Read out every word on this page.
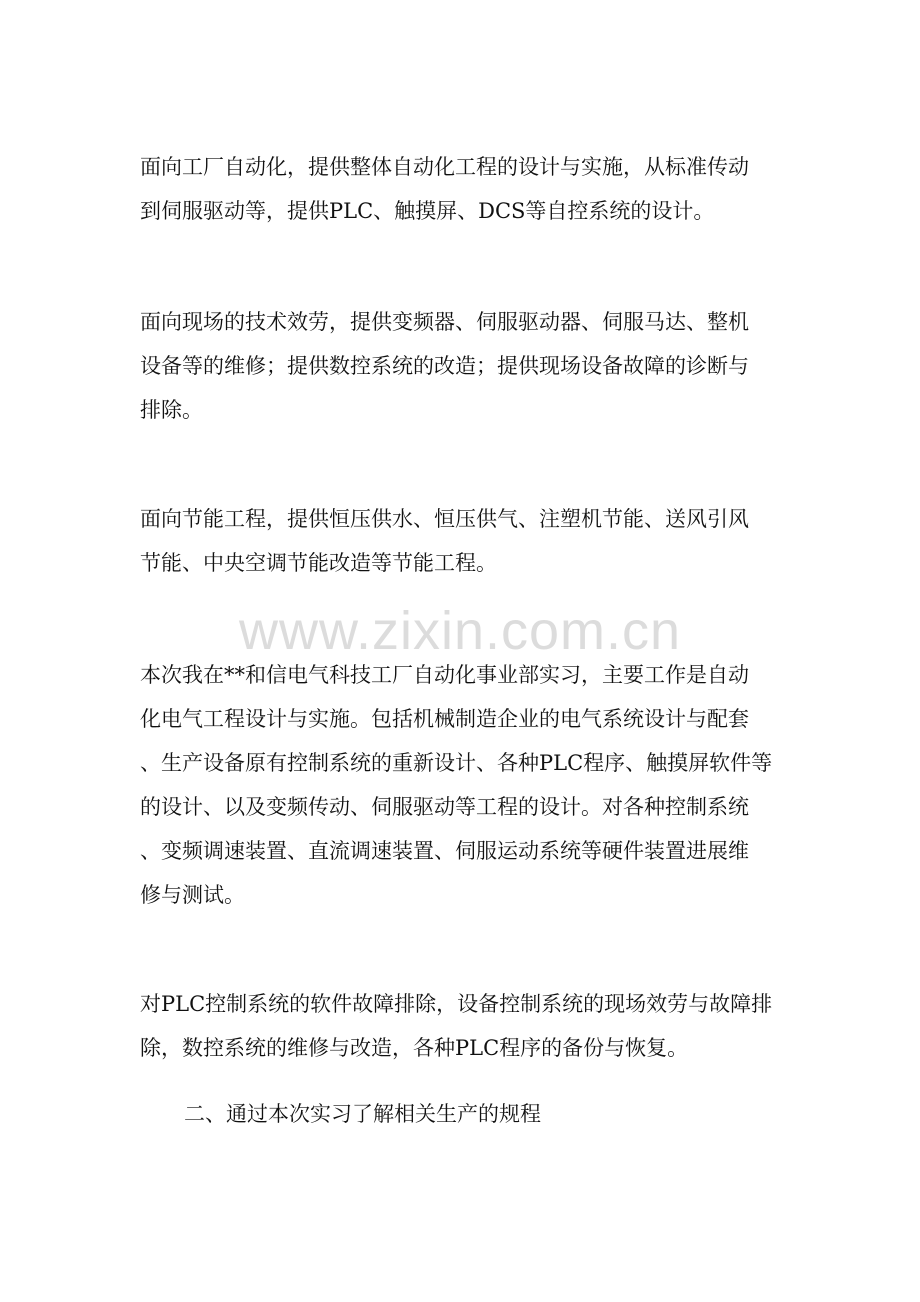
www.zixin.com.cn

面向工厂自动化，提供整体自动化工程的设计与实施，从标准传动
到伺服驱动等，提供PLC、触摸屏、DCS等自控系统的设计。

面向现场的技术效劳，提供变频器、伺服驱动器、伺服马达、整机
设备等的维修；提供数控系统的改造；提供现场设备故障的诊断与
排除。

面向节能工程，提供恒压供水、恒压供气、注塑机节能、送风引风
节能、中央空调节能改造等节能工程。

本次我在**和信电气科技工厂自动化事业部实习，主要工作是自动
化电气工程设计与实施。包括机械制造企业的电气系统设计与配套
、生产设备原有控制系统的重新设计、各种PLC程序、触摸屏软件等
的设计、以及变频传动、伺服驱动等工程的设计。对各种控制系统
、变频调速装置、直流调速装置、伺服运动系统等硬件装置进展维
修与测试。

对PLC控制系统的软件故障排除，设备控制系统的现场效劳与故障排
除，数控系统的维修与改造，各种PLC程序的备份与恢复。

二、通过本次实习了解相关生产的规程
